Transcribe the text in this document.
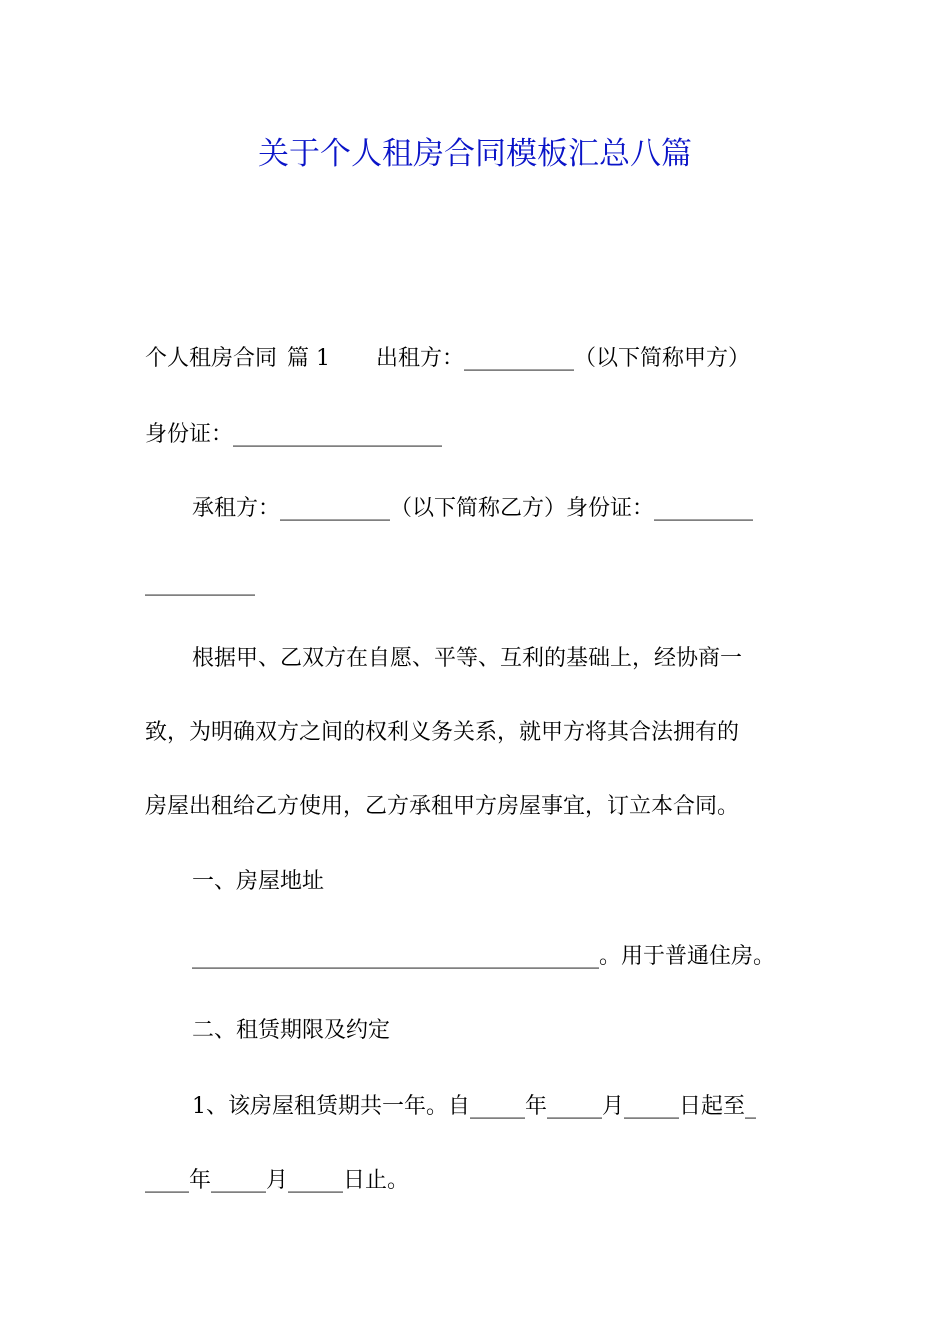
关于个人租房合同模板汇总八篇
个人租房合同 篇 1 出租方：__________（以下简称甲方）
身份证：___________________
承租方：__________（以下简称乙方）身份证：_________
__________
根据甲、乙双方在自愿、平等、互利的基础上，经协商一
致，为明确双方之间的权利义务关系，就甲方将其合法拥有的
房屋出租给乙方使用，乙方承租甲方房屋事宜，订立本合同。
一、房屋地址
_____________________________________。用于普通住房。
二、租赁期限及约定
1、该房屋租赁期共一年。自_____年_____月_____日起至_
____年_____月_____日止。
